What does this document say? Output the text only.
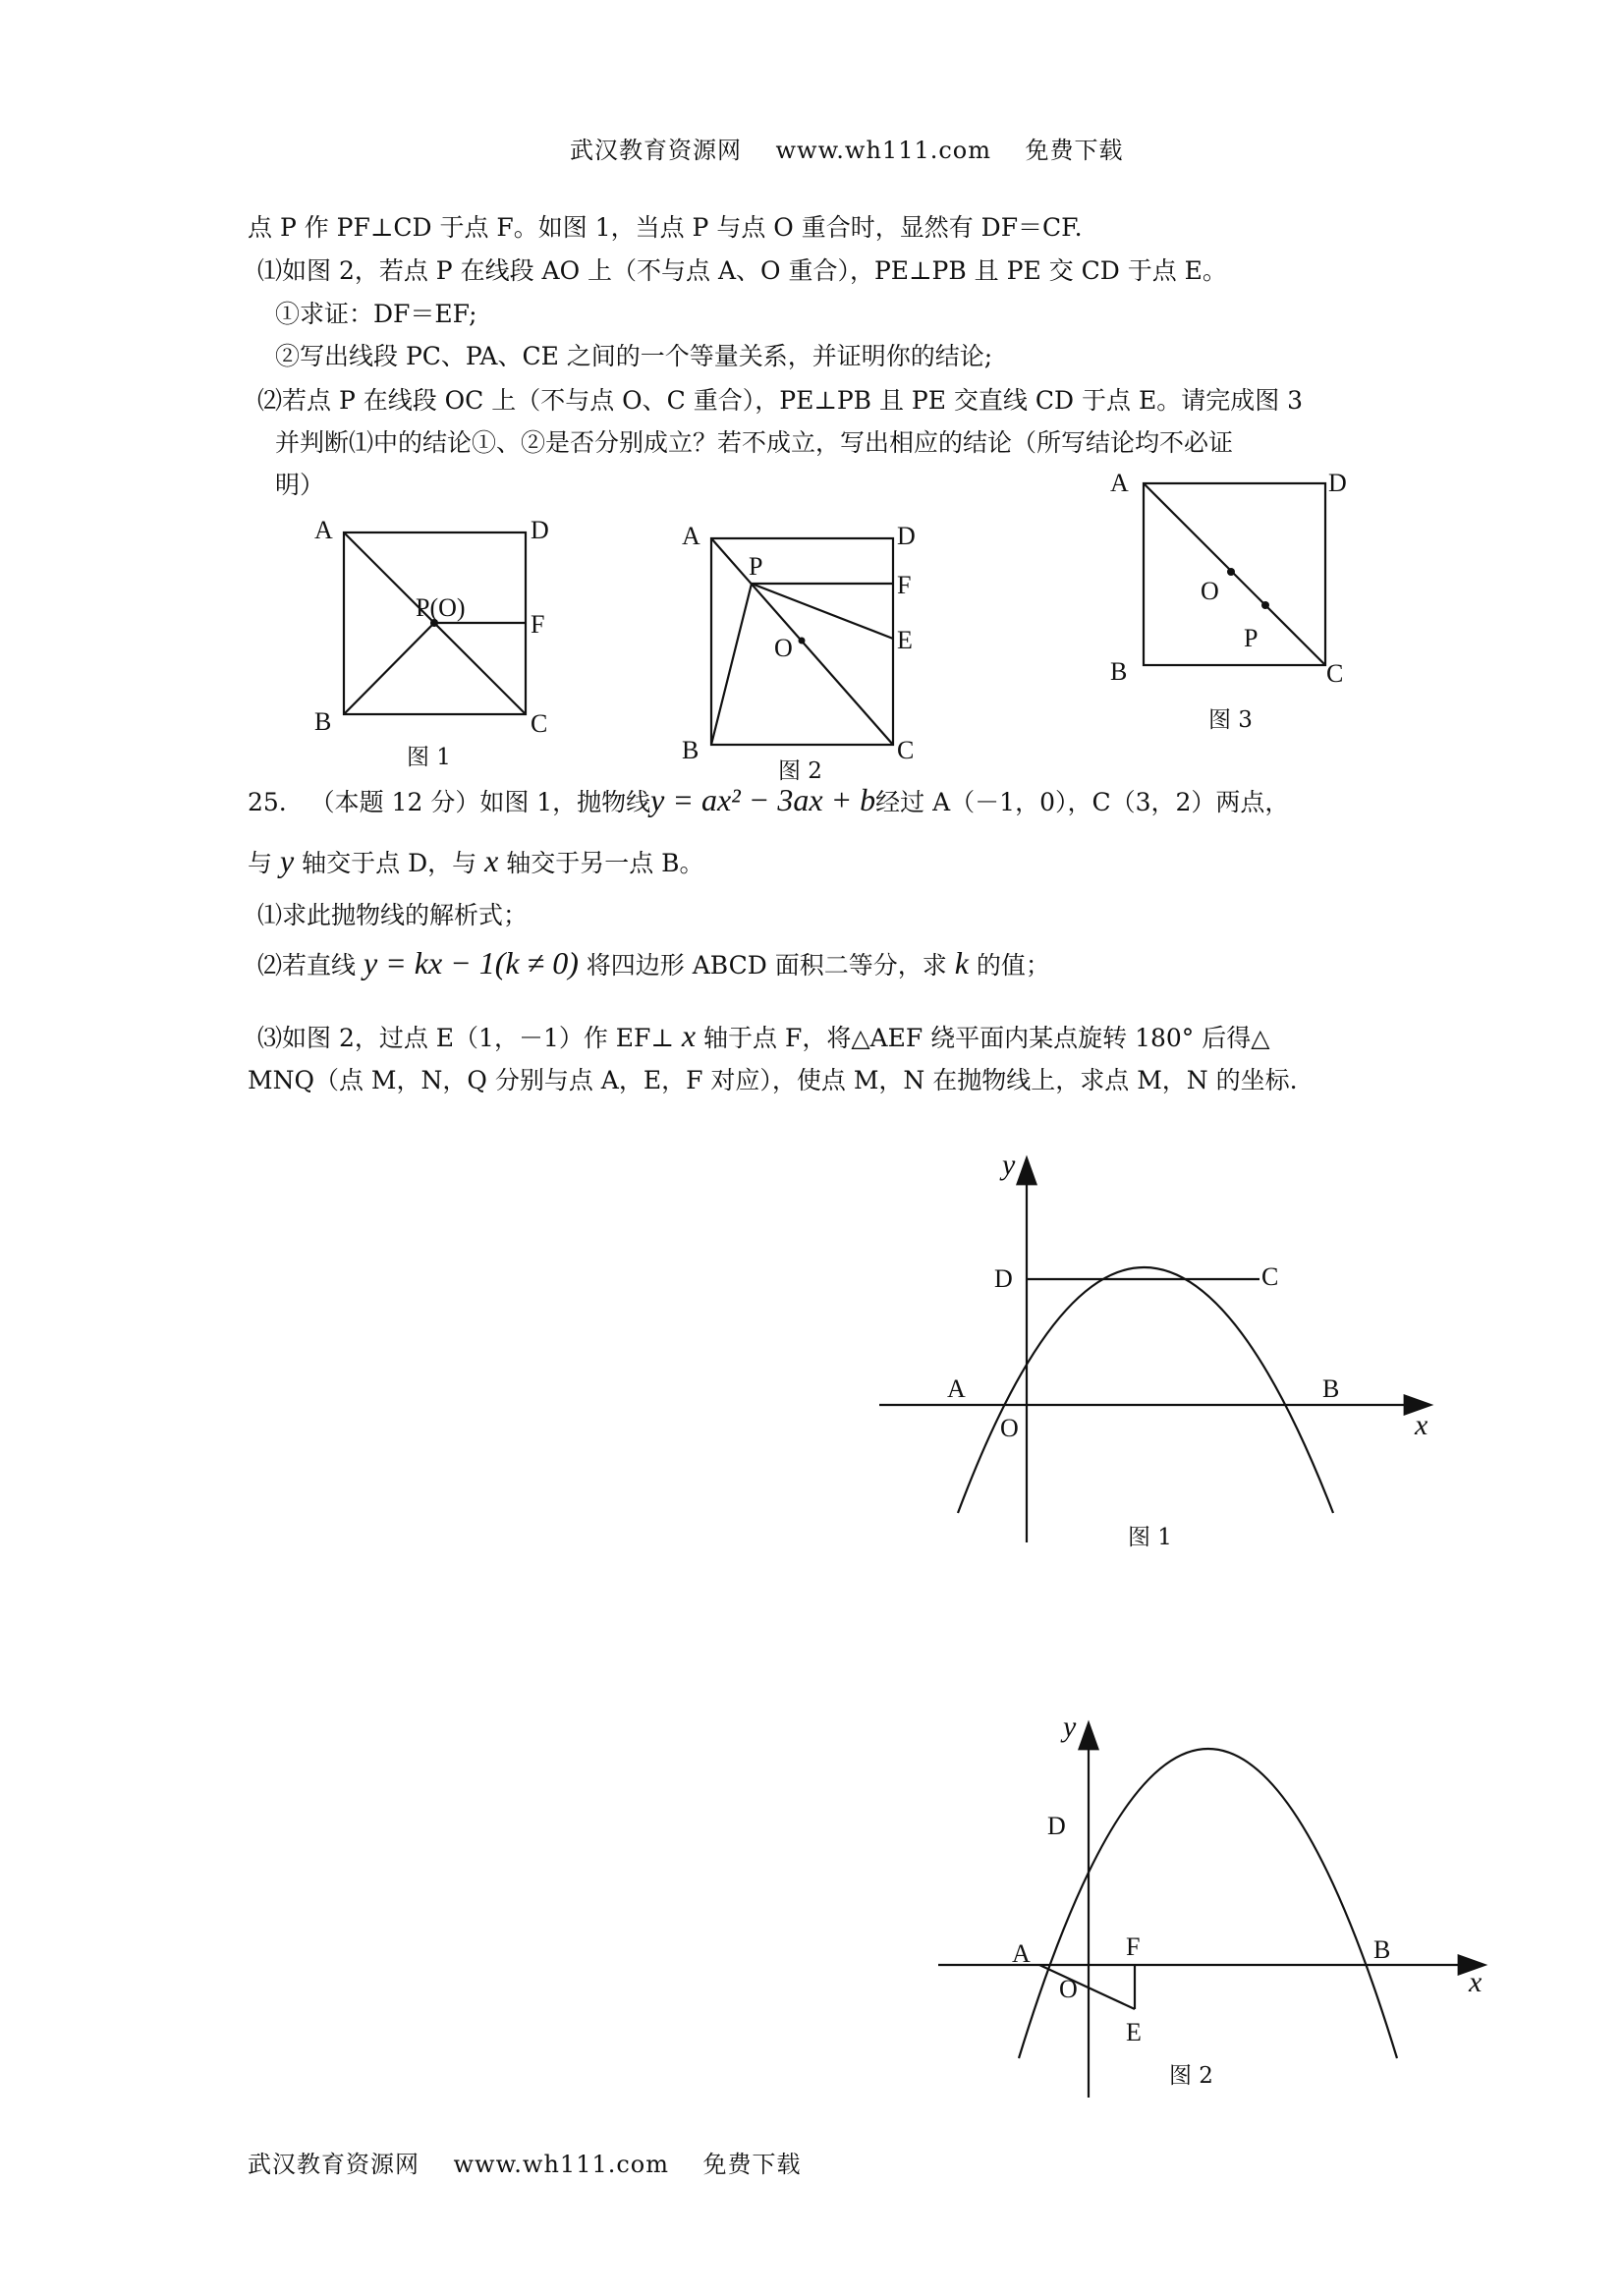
武汉教育资源网 www.wh111.com 免费下载
点 P 作 PF⊥CD 于点 F。如图 1，当点 P 与点 O 重合时，显然有 DF＝CF.
⑴如图 2，若点 P 在线段 AO 上（不与点 A、O 重合），PE⊥PB 且 PE 交 CD 于点 E。
①求证：DF＝EF;
②写出线段 PC、PA、CE 之间的一个等量关系，并证明你的结论;
⑵若点 P 在线段 OC 上（不与点 O、C 重合），PE⊥PB 且 PE 交直线 CD 于点 E。请完成图 3
并判断⑴中的结论①、②是否分别成立？若不成立，写出相应的结论（所写结论均不必证
明）
A	D
B	C
F
P(O)
图 1
A	D
B	C
F
E
P
O
图 2
A	D
B	C
O
P
图 3
25. （本题 12 分）如图 1，抛物线y = ax² − 3ax + b经过 A（－1，0），C（3，2）两点，
与 y 轴交于点 D，与 x 轴交于另一点 B。
⑴求此抛物线的解析式；
⑵若直线 y = kx − 1(k ≠ 0) 将四边形 ABCD 面积二等分，求 k 的值；
⑶如图 2，过点 E（1，－1）作 EF⊥ x 轴于点 F，将△AEF 绕平面内某点旋转 180° 后得△
MNQ（点 M，N，Q 分别与点 A，E，F 对应），使点 M，N 在抛物线上，求点 M，N 的坐标.
y
x
D	C
A	B
O
图 1
y
x
D
A	B
F
O
E
图 2
武汉教育资源网 www.wh111.com 免费下载
